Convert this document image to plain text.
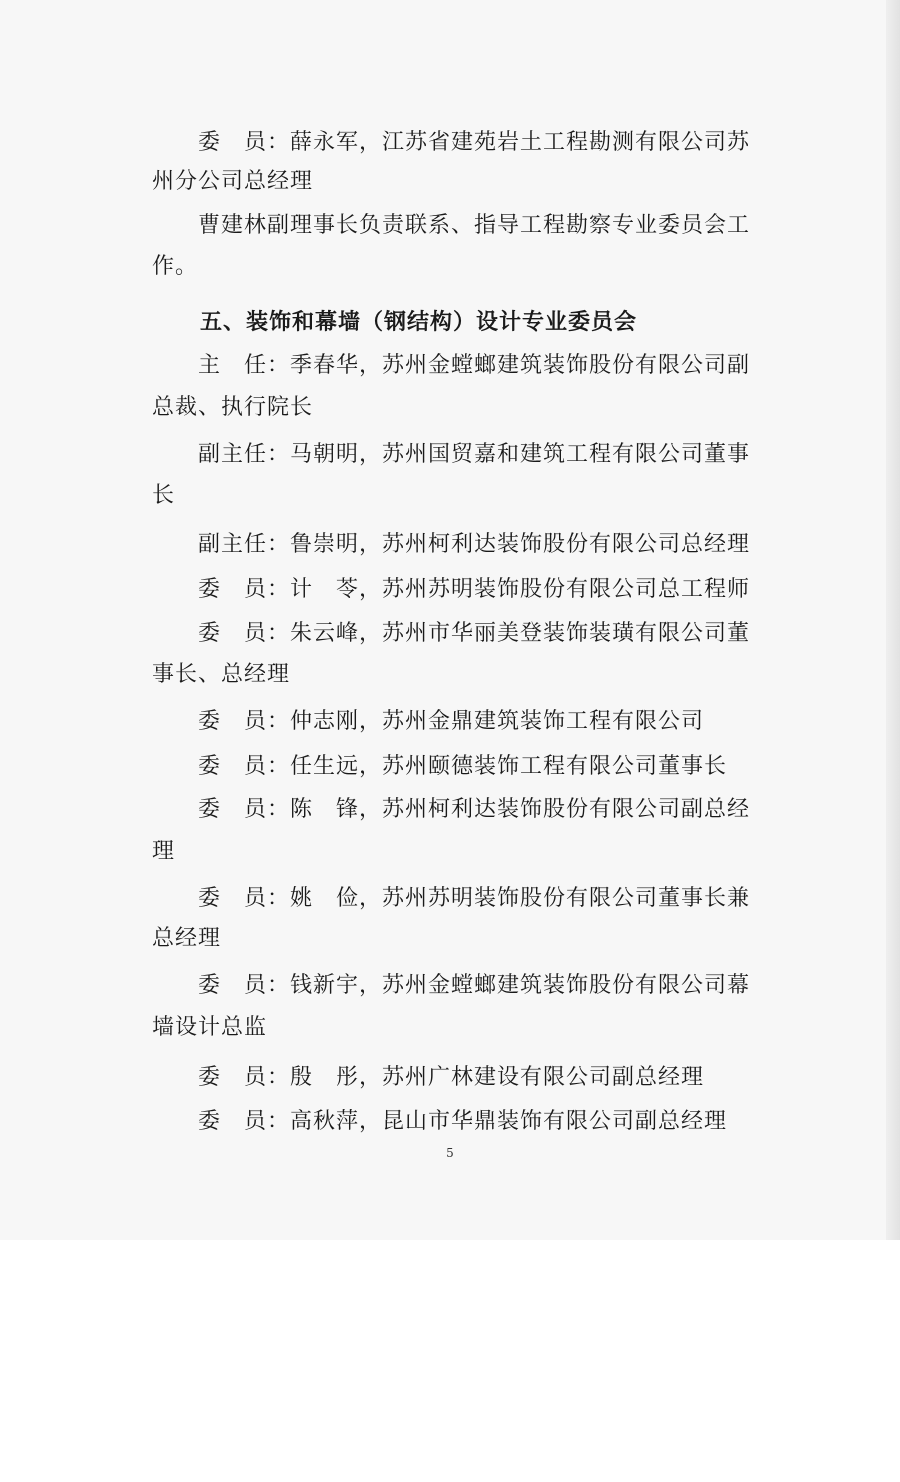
委　员：薛永军，江苏省建苑岩土工程勘测有限公司苏
州分公司总经理
曹建林副理事长负责联系、指导工程勘察专业委员会工
作。
五、装饰和幕墙（钢结构）设计专业委员会
主　任：季春华，苏州金螳螂建筑装饰股份有限公司副
总裁、执行院长
副主任：马朝明，苏州国贸嘉和建筑工程有限公司董事
长
副主任：鲁崇明，苏州柯利达装饰股份有限公司总经理
委　员：计　苓，苏州苏明装饰股份有限公司总工程师
委　员：朱云峰，苏州市华丽美登装饰装璜有限公司董
事长、总经理
委　员：仲志刚，苏州金鼎建筑装饰工程有限公司
委　员：任生远，苏州颐德装饰工程有限公司董事长
委　员：陈　锋，苏州柯利达装饰股份有限公司副总经
理
委　员：姚　俭，苏州苏明装饰股份有限公司董事长兼
总经理
委　员：钱新宇，苏州金螳螂建筑装饰股份有限公司幕
墙设计总监
委　员：殷　彤，苏州广林建设有限公司副总经理
委　员：高秋萍，昆山市华鼎装饰有限公司副总经理
5
